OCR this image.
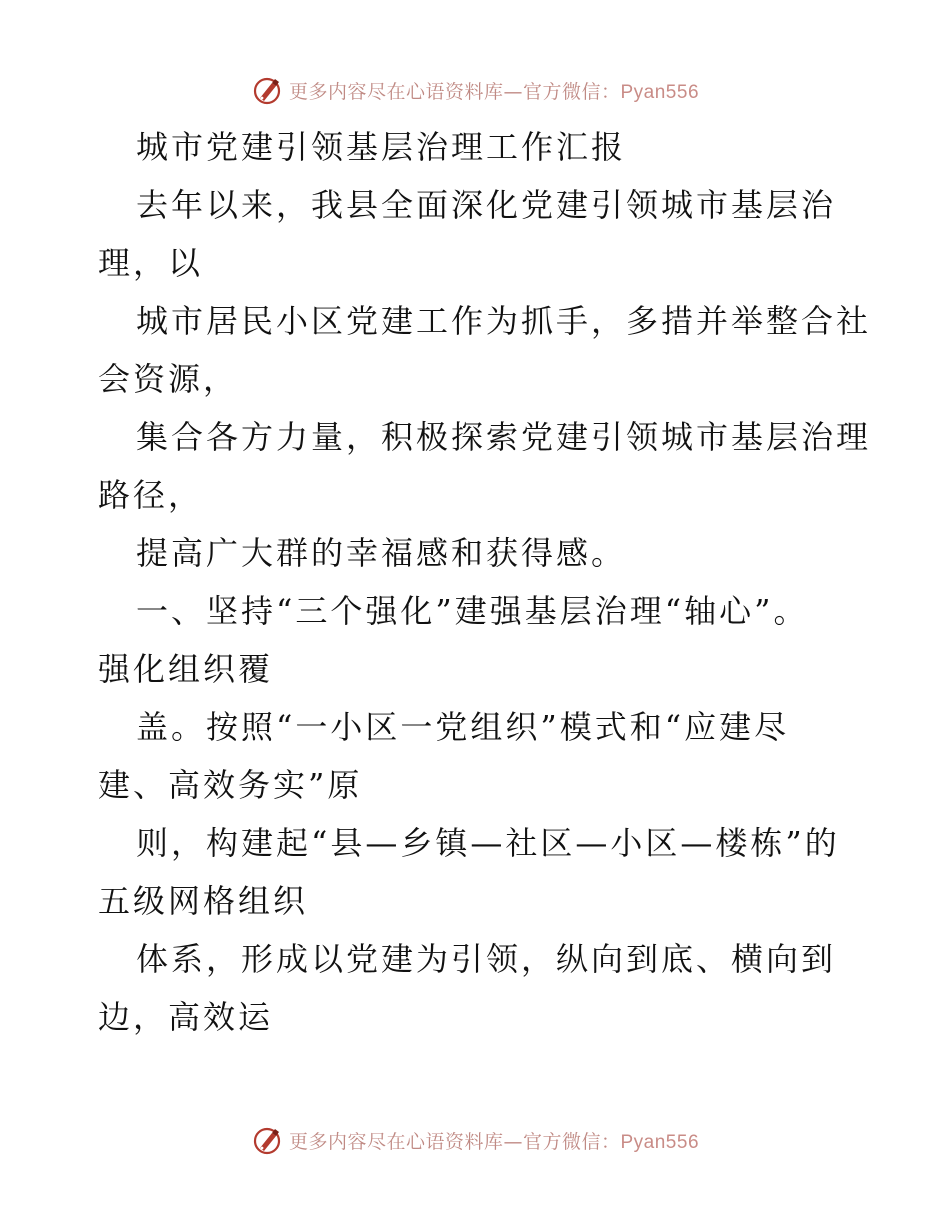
更多内容尽在心语资料库—官方微信：Pyan556
城市党建引领基层治理工作汇报
去年以来，我县全面深化党建引领城市基层治
理，以
城市居民小区党建工作为抓手，多措并举整合社
会资源，
集合各方力量，积极探索党建引领城市基层治理
路径，
提高广大群的幸福感和获得感。
一、坚持“三个强化”建强基层治理“轴心”。
强化组织覆
盖。按照“一小区一党组织”模式和“应建尽
建、高效务实”原
则，构建起“县—乡镇—社区—小区—楼栋”的
五级网格组织
体系，形成以党建为引领，纵向到底、横向到
边，高效运
更多内容尽在心语资料库—官方微信：Pyan556
